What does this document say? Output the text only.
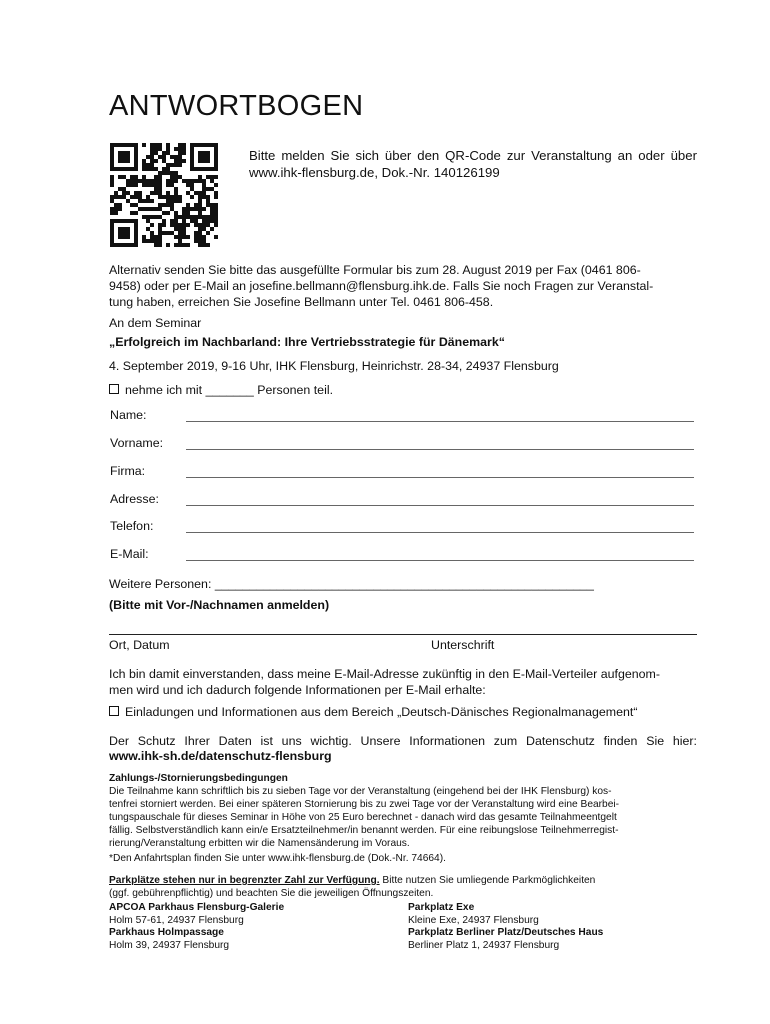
ANTWORTBOGEN
Bitte melden Sie sich über den QR-Code zur Veranstaltung an oder über www.ihk-flensburg.de, Dok.-Nr. 140126199
Alternativ senden Sie bitte das ausgefüllte Formular bis zum 28. August 2019 per Fax (0461 806-
9458) oder per E-Mail an josefine.bellmann@flensburg.ihk.de. Falls Sie noch Fragen zur Veranstal-
tung haben, erreichen Sie Josefine Bellmann unter Tel. 0461 806-458.
An dem Seminar
„Erfolgreich im Nachbarland: Ihre Vertriebsstrategie für Dänemark“
4. September 2019, 9-16 Uhr, IHK Flensburg, Heinrichstr. 28-34, 24937 Flensburg
nehme ich mit _______ Personen teil.
Name:
Vorname:
Firma:
Adresse:
Telefon:
E-Mail:
Weitere Personen: _______________________________________________________
(Bitte mit Vor-/Nachnamen anmelden)
Ort, Datum	Unterschrift
Ich bin damit einverstanden, dass meine E-Mail-Adresse zukünftig in den E-Mail-Verteiler aufgenom-
men wird und ich dadurch folgende Informationen per E-Mail erhalte:
Einladungen und Informationen aus dem Bereich „Deutsch-Dänisches Regionalmanagement“
Der Schutz Ihrer Daten ist uns wichtig. Unsere Informationen zum Datenschutz finden Sie hier:
www.ihk-sh.de/datenschutz-flensburg
Zahlungs-/Stornierungsbedingungen
Die Teilnahme kann schriftlich bis zu sieben Tage vor der Veranstaltung (eingehend bei der IHK Flensburg) kos-
tenfrei storniert werden. Bei einer späteren Stornierung bis zu zwei Tage vor der Veranstaltung wird eine Bearbei-
tungspauschale für dieses Seminar in Höhe von 25 Euro berechnet - danach wird das gesamte Teilnahmeentgelt
fällig. Selbstverständlich kann ein/e Ersatzteilnehmer/in benannt werden. Für eine reibungslose Teilnehmerregist-
rierung/Veranstaltung erbitten wir die Namensänderung im Voraus.
*Den Anfahrtsplan finden Sie unter www.ihk-flensburg.de (Dok.-Nr. 74664).
Parkplätze stehen nur in begrenzter Zahl zur Verfügung. Bitte nutzen Sie umliegende Parkmöglichkeiten
(ggf. gebührenpflichtig) und beachten Sie die jeweiligen Öffnungszeiten.
APCOA Parkhaus Flensburg-Galerie
Holm 57-61, 24937 Flensburg
Parkplatz Exe
Kleine Exe, 24937 Flensburg
Parkhaus Holmpassage
Holm 39, 24937 Flensburg
Parkplatz Berliner Platz/Deutsches Haus
Berliner Platz 1, 24937 Flensburg
